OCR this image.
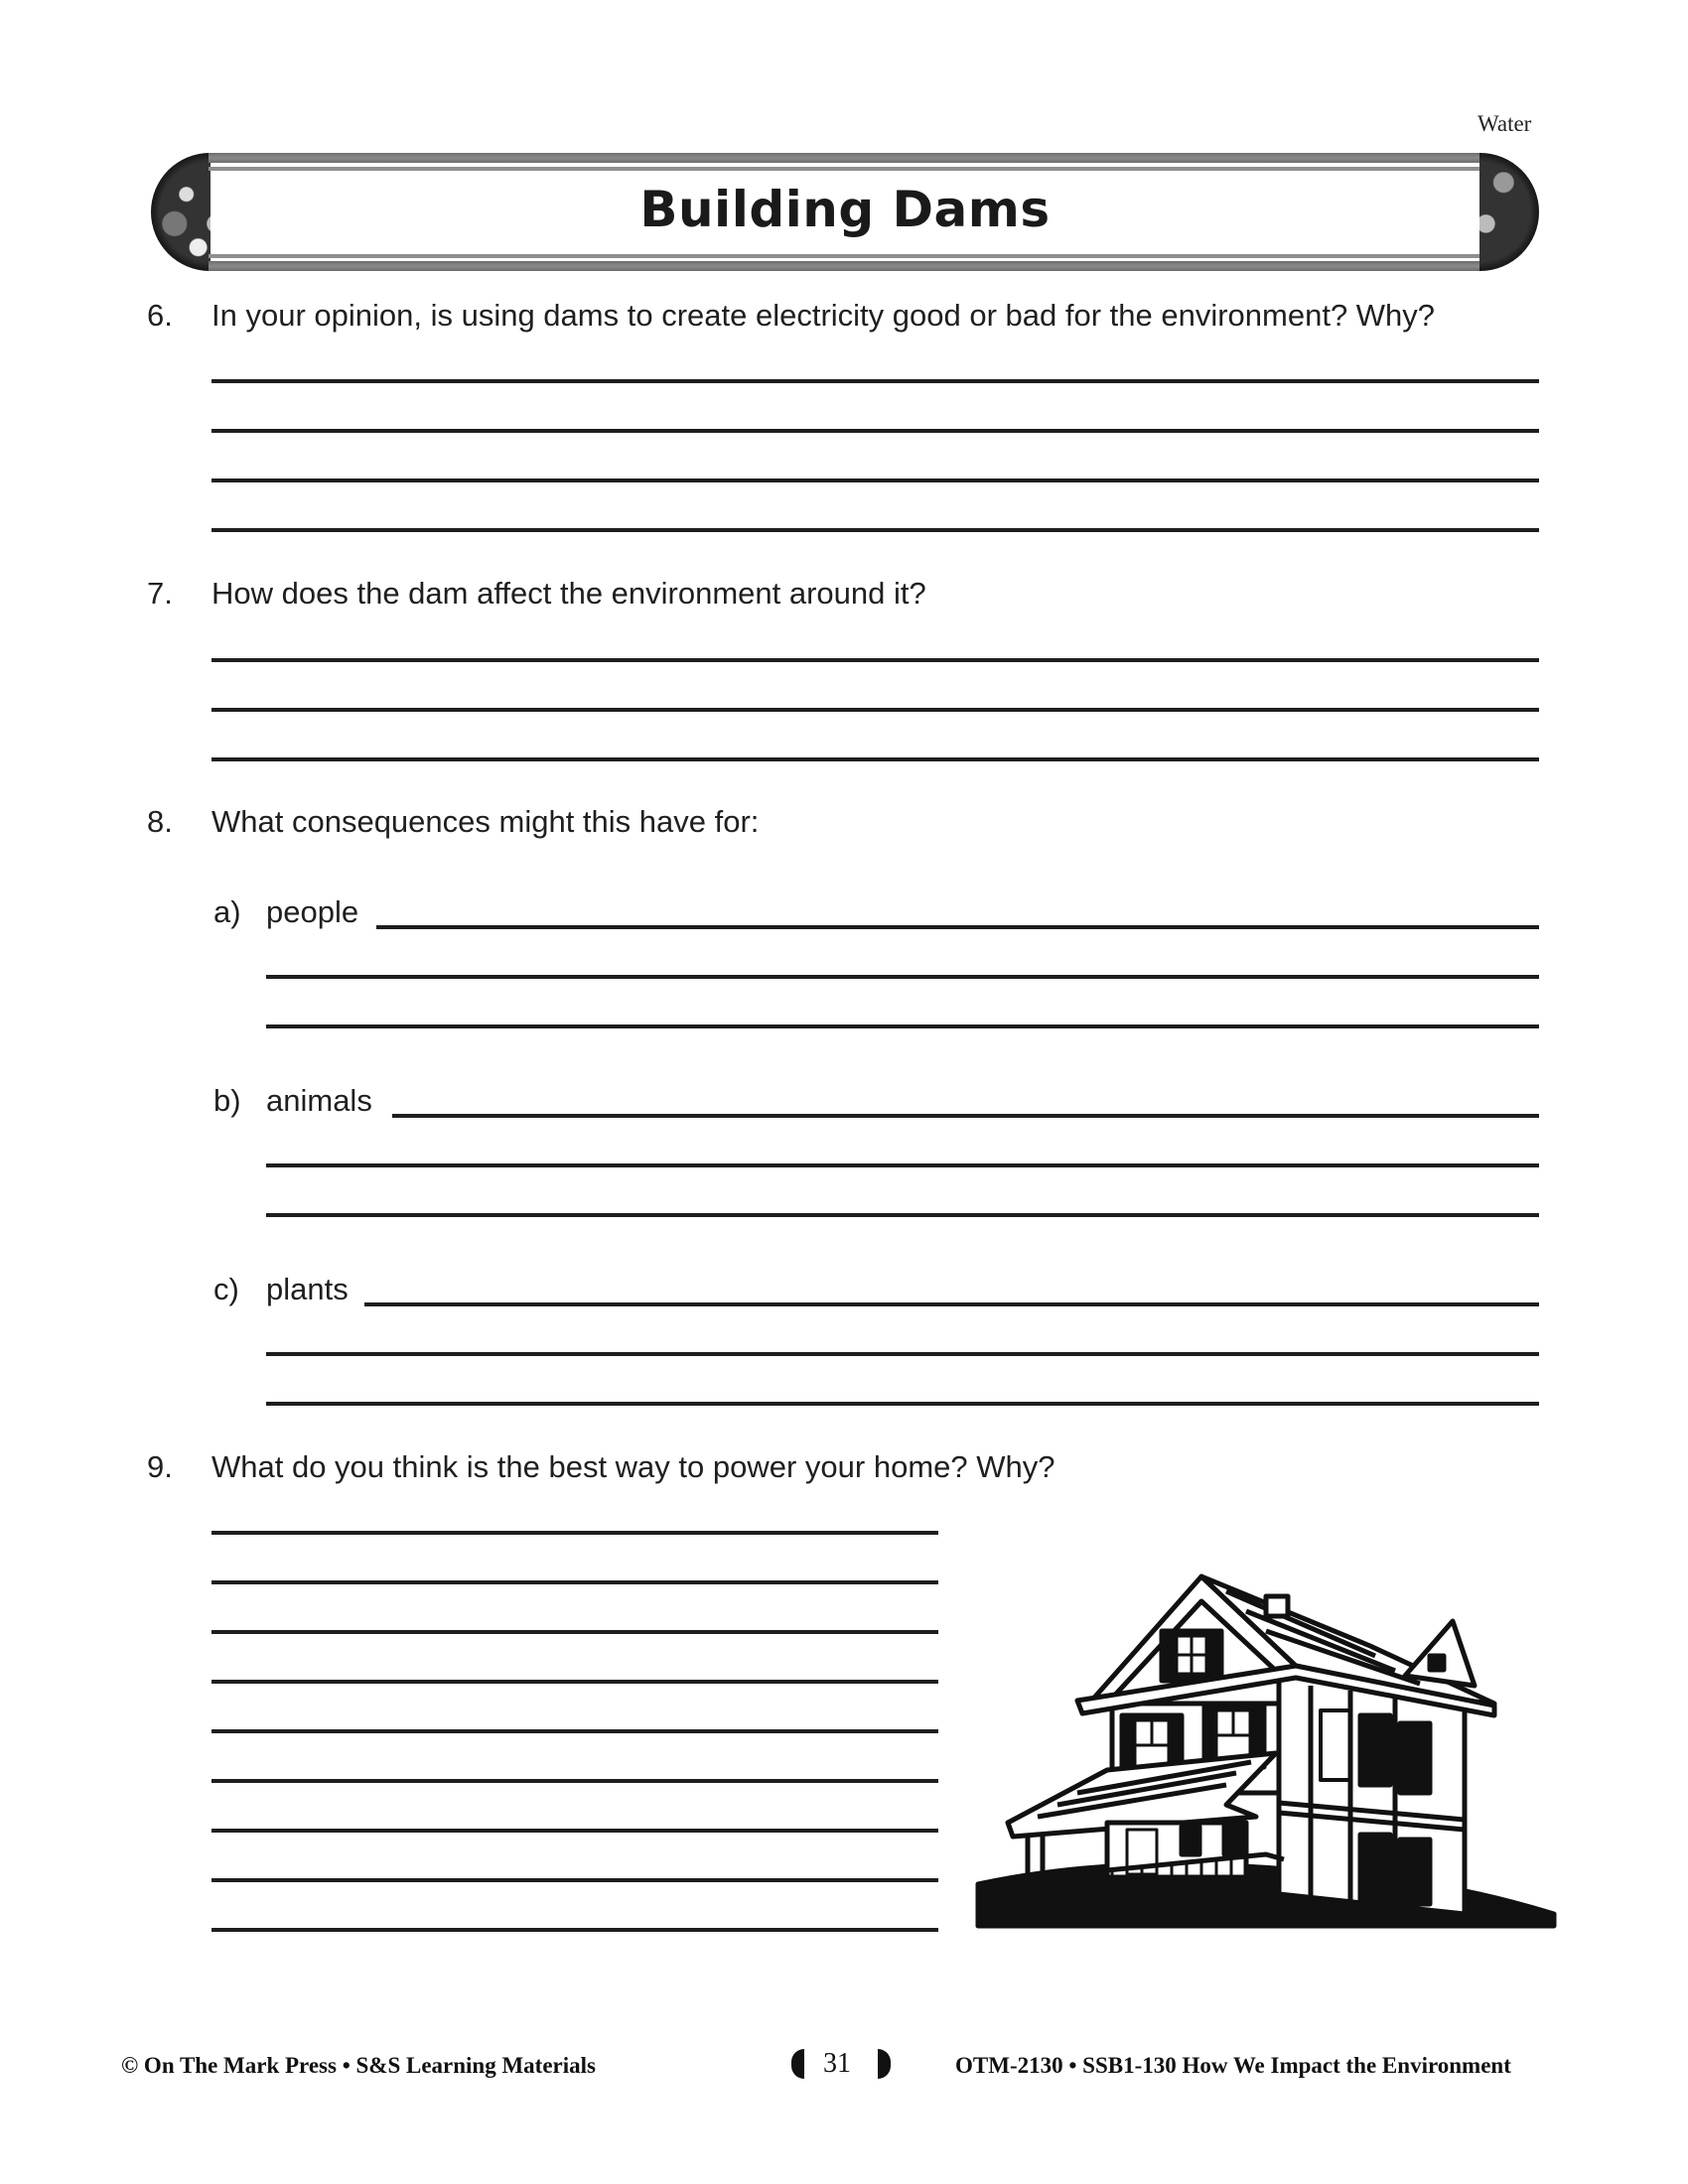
Water
Building Dams
6. In your opinion, is using dams to create electricity good or bad for the environment? Why?
7. How does the dam affect the environment around it?
8. What consequences might this have for:
a) people
b) animals
c) plants
9. What do you think is the best way to power your home? Why?
© On The Mark Press • S&S Learning Materials	31	OTM-2130 • SSB1-130 How We Impact the Environment
